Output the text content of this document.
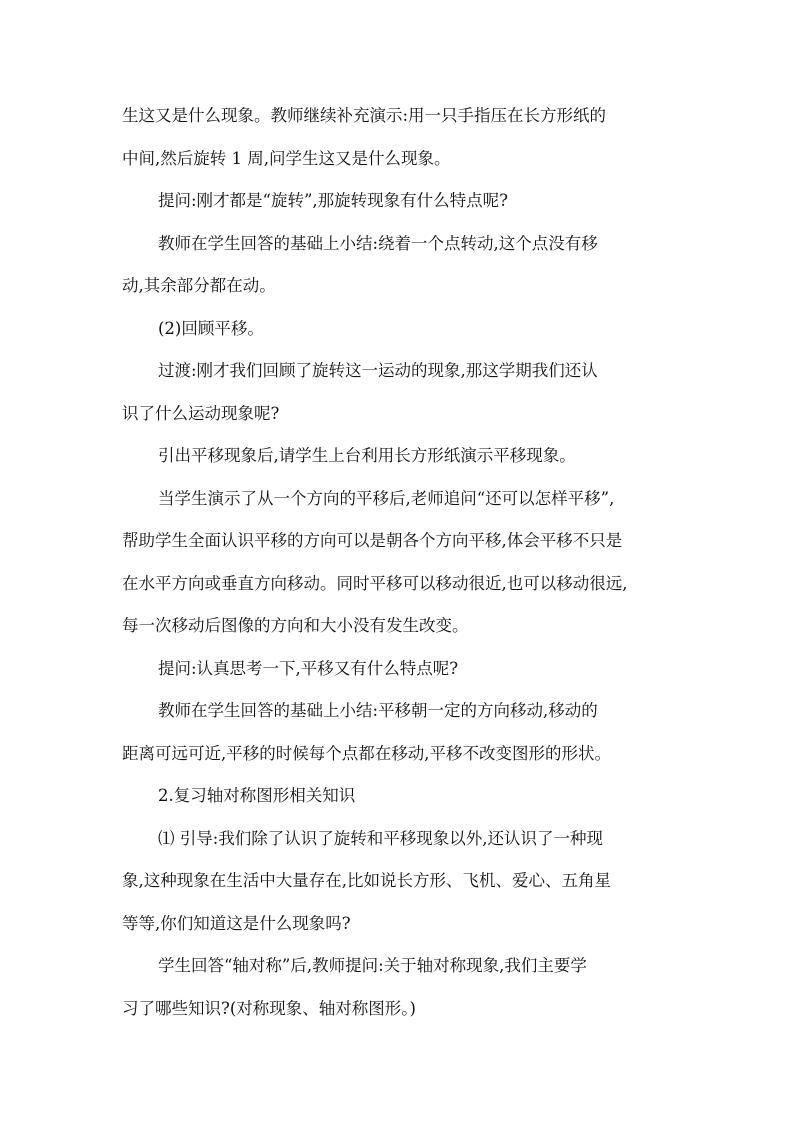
生这又是什么现象。教师继续补充演示:用一只手指压在长方形纸的
中间,然后旋转 1 周,问学生这又是什么现象。
提问:刚才都是“旋转”,那旋转现象有什么特点呢?
教师在学生回答的基础上小结:绕着一个点转动,这个点没有移
动,其余部分都在动。
(2)回顾平移。
过渡:刚才我们回顾了旋转这一运动的现象,那这学期我们还认
识了什么运动现象呢?
引出平移现象后,请学生上台利用长方形纸演示平移现象。
当学生演示了从一个方向的平移后,老师追问“还可以怎样平移”,
帮助学生全面认识平移的方向可以是朝各个方向平移,体会平移不只是
在水平方向或垂直方向移动。同时平移可以移动很近,也可以移动很远,
每一次移动后图像的方向和大小没有发生改变。
提问:认真思考一下,平移又有什么特点呢?
教师在学生回答的基础上小结:平移朝一定的方向移动,移动的
距离可远可近,平移的时候每个点都在移动,平移不改变图形的形状。
2.复习轴对称图形相关知识
⑴ 引导:我们除了认识了旋转和平移现象以外,还认识了一种现
象,这种现象在生活中大量存在,比如说长方形、飞机、爱心、五角星
等等,你们知道这是什么现象吗?
学生回答“轴对称”后,教师提问:关于轴对称现象,我们主要学
习了哪些知识?(对称现象、轴对称图形。)
